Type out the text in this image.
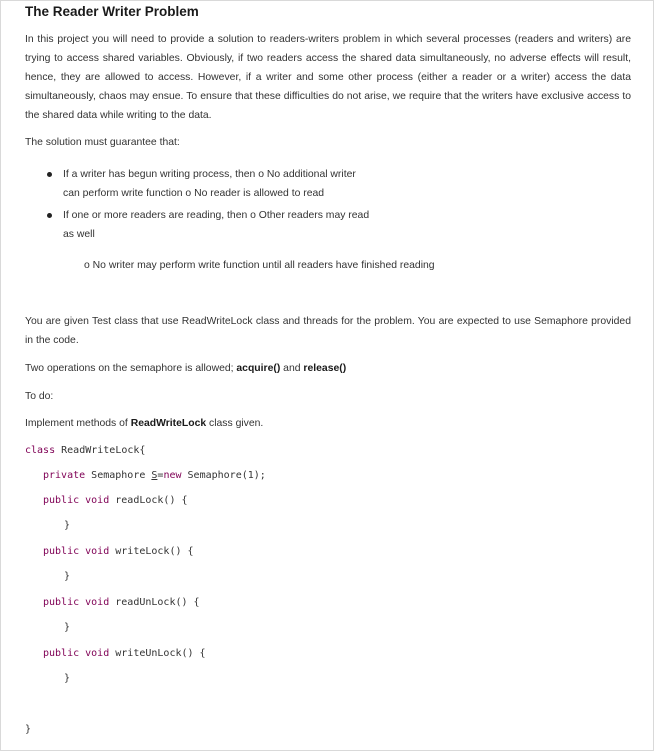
The Reader Writer Problem
In this project you will need to provide a solution to readers-writers problem in which several processes (readers and writers) are trying to access shared variables. Obviously, if two readers access the shared data simultaneously, no adverse effects will result, hence, they are allowed to access. However, if a writer and some other process (either a reader or a writer) access the data simultaneously, chaos may ensue. To ensure that these difficulties do not arise, we require that the writers have exclusive access to the shared data while writing to the data.
The solution must guarantee that:
If a writer has begun writing process, then o No additional writer
can perform write function o No reader is allowed to read
If one or more readers are reading, then o Other readers may read
as well
o No writer may perform write function until all readers have finished reading
You are given Test class that use ReadWriteLock class and threads for the problem. You are expected to use Semaphore provided in the code.
Two operations on the semaphore is allowed; acquire() and release()
To do:
Implement methods of ReadWriteLock class given.
class ReadWriteLock{
private Semaphore S=new Semaphore(1);
public void readLock() {
}
public void writeLock() {
}
public void readUnLock() {
}
public void writeUnLock() {
}
}
